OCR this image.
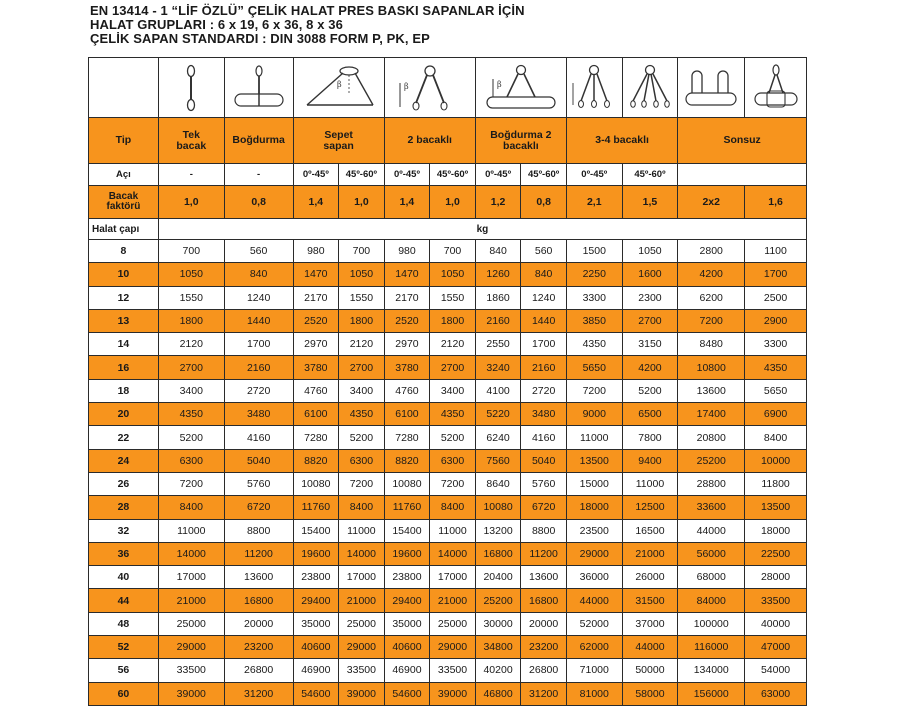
EN 13414 - 1 “LİF ÖZLÜ” ÇELİK HALAT PRES BASKI SAPANLAR İÇİN
HALAT GRUPLARI : 6 x 19, 6 x 36, 8 x 36
ÇELİK SAPAN STANDARDI : DIN 3088 FORM P, PK, EP

β		β		β

Tip	Tek bacak	Boğdurma	Sepet sapan		2 bacaklı		Boğdurma 2 bacaklı		3-4 bacaklı		Sonsuz	
Açı	-	-	0º-45º	45º-60º	0º-45º	45º-60º	0º-45º	45º-60º	0º-45º	45º-60º		
Bacak faktörü	1,0	0,8	1,4	1,0	1,4	1,0	1,2	0,8	2,1	1,5	2x2	1,6
Halat çapı	kg											
8	700	560	980	700	980	700	840	560	1500	1050	2800	1100
10	1050	840	1470	1050	1470	1050	1260	840	2250	1600	4200	1700
12	1550	1240	2170	1550	2170	1550	1860	1240	3300	2300	6200	2500
13	1800	1440	2520	1800	2520	1800	2160	1440	3850	2700	7200	2900
14	2120	1700	2970	2120	2970	2120	2550	1700	4350	3150	8480	3300
16	2700	2160	3780	2700	3780	2700	3240	2160	5650	4200	10800	4350
18	3400	2720	4760	3400	4760	3400	4100	2720	7200	5200	13600	5650
20	4350	3480	6100	4350	6100	4350	5220	3480	9000	6500	17400	6900
22	5200	4160	7280	5200	7280	5200	6240	4160	11000	7800	20800	8400
24	6300	5040	8820	6300	8820	6300	7560	5040	13500	9400	25200	10000
26	7200	5760	10080	7200	10080	7200	8640	5760	15000	11000	28800	11800
28	8400	6720	11760	8400	11760	8400	10080	6720	18000	12500	33600	13500
32	11000	8800	15400	11000	15400	11000	13200	8800	23500	16500	44000	18000
36	14000	11200	19600	14000	19600	14000	16800	11200	29000	21000	56000	22500
40	17000	13600	23800	17000	23800	17000	20400	13600	36000	26000	68000	28000
44	21000	16800	29400	21000	29400	21000	25200	16800	44000	31500	84000	33500
48	25000	20000	35000	25000	35000	25000	30000	20000	52000	37000	100000	40000
52	29000	23200	40600	29000	40600	29000	34800	23200	62000	44000	116000	47000
56	33500	26800	46900	33500	46900	33500	40200	26800	71000	50000	134000	54000
60	39000	31200	54600	39000	54600	39000	46800	31200	81000	58000	156000	63000
